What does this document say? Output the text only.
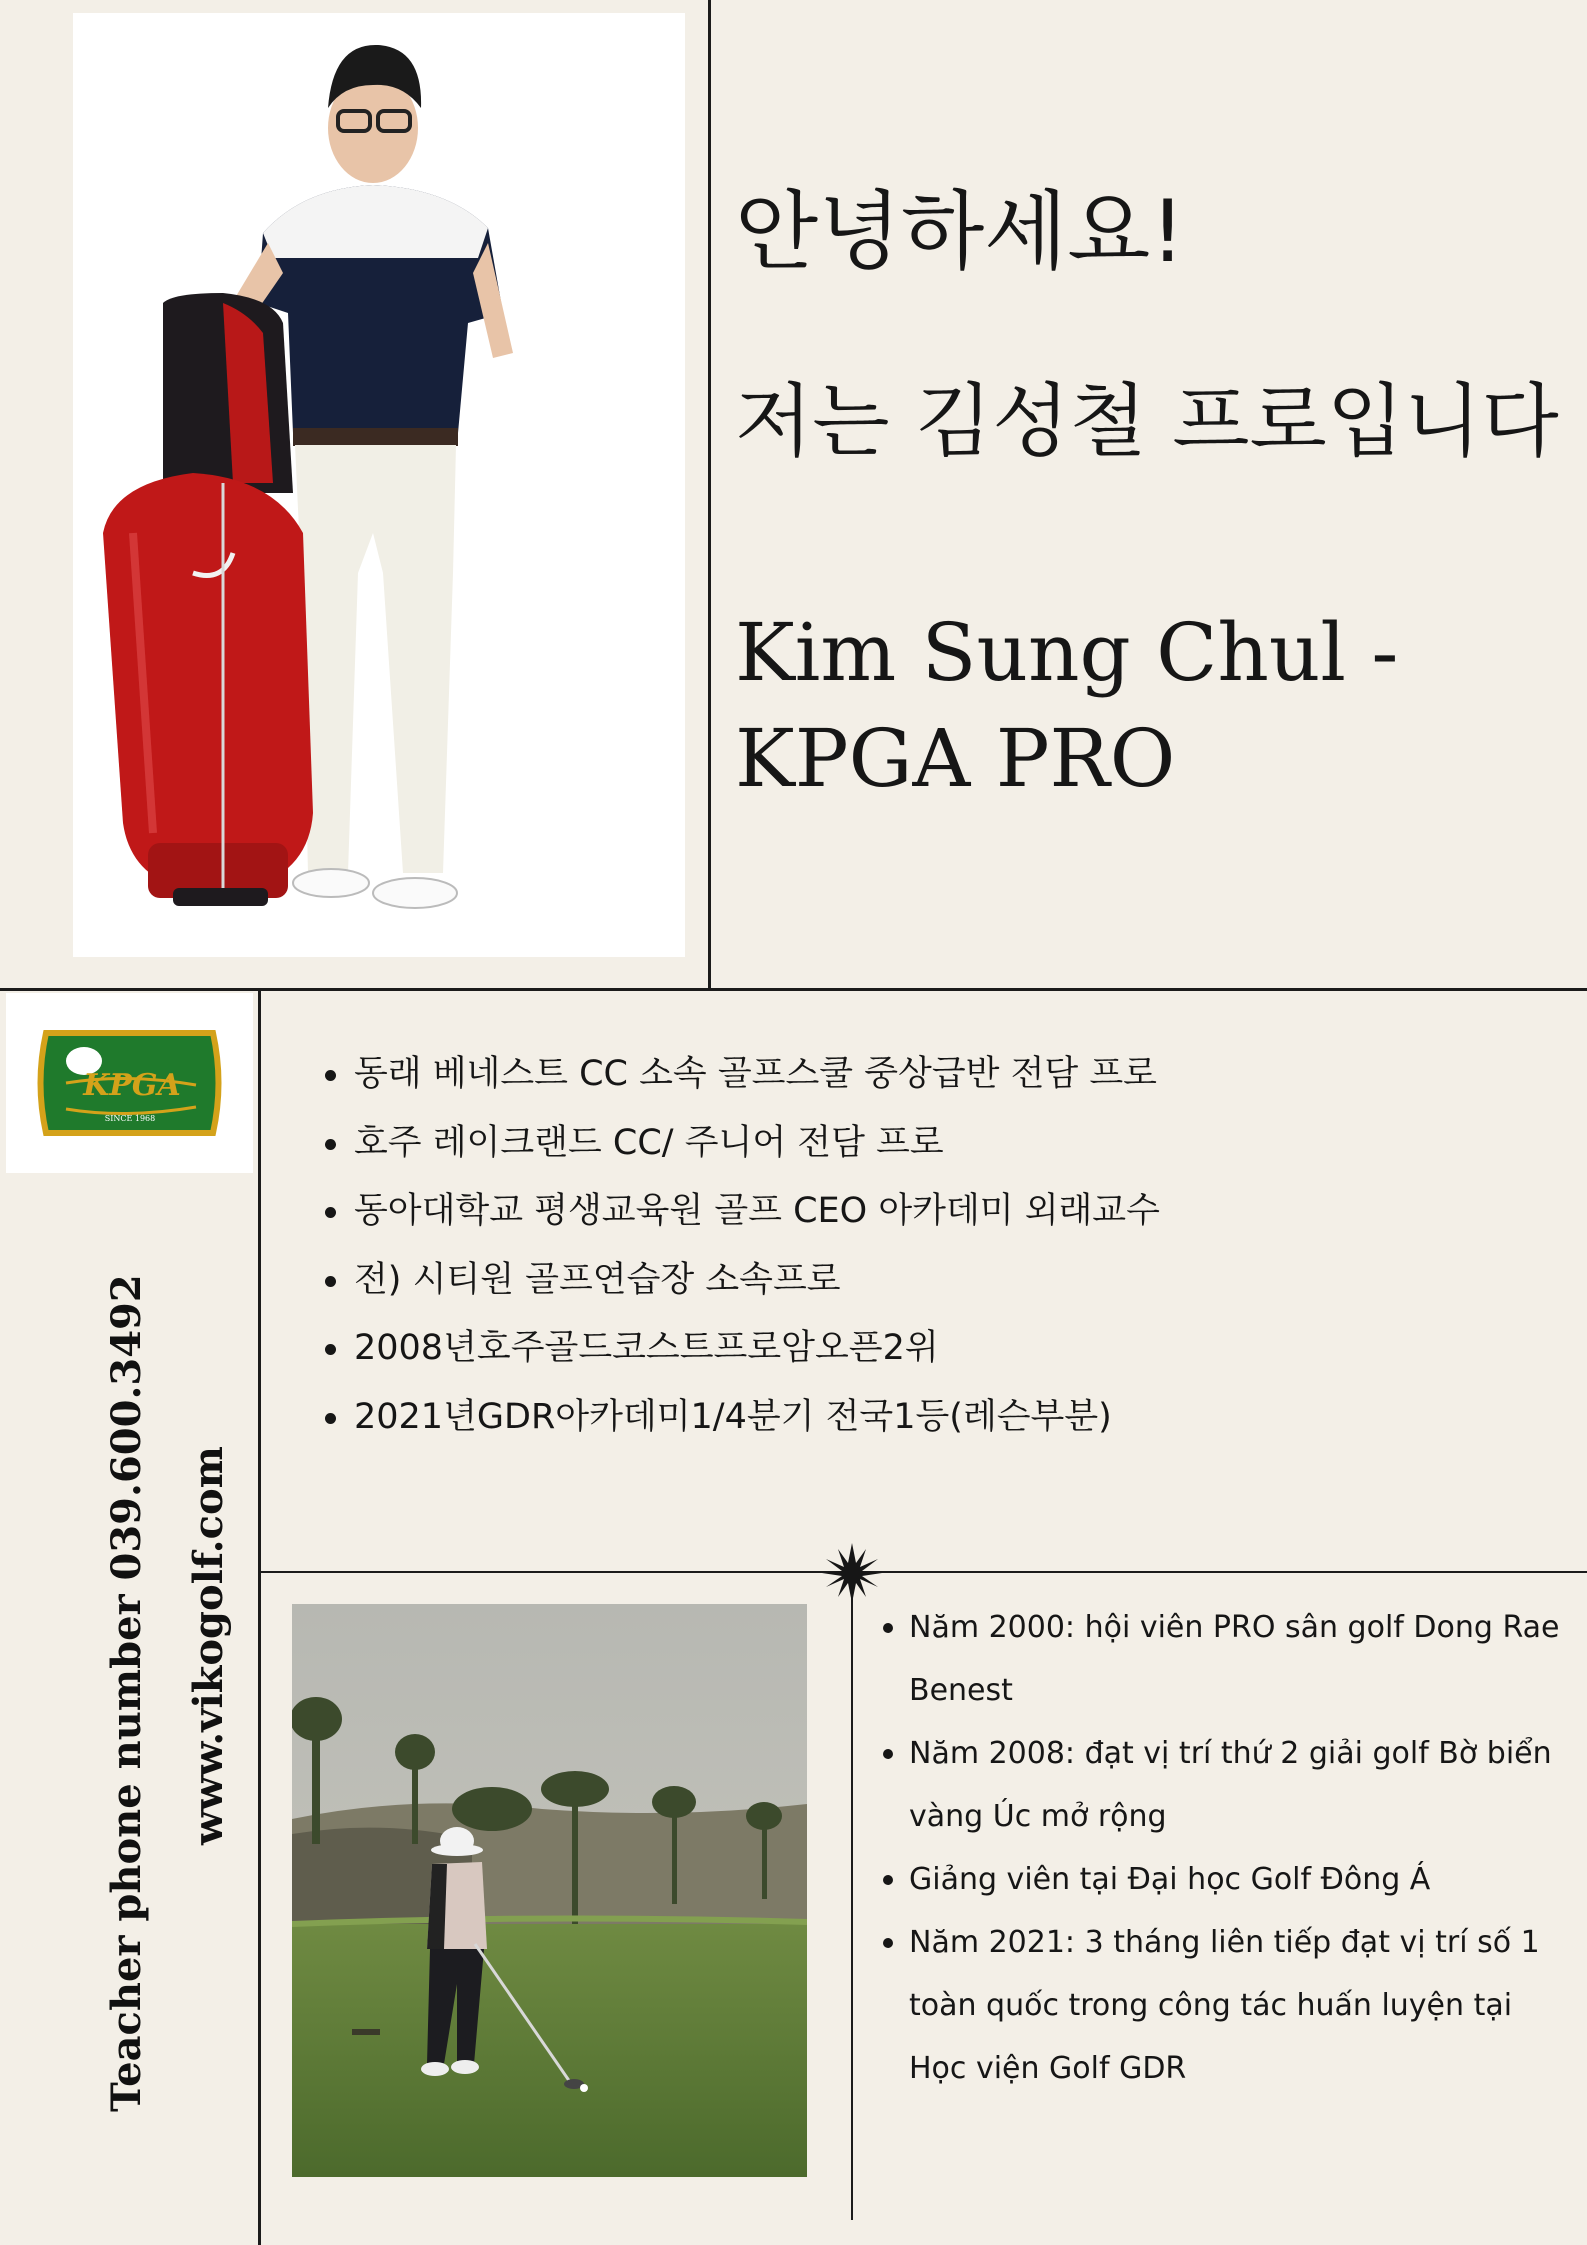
안녕하세요!
저는 김성철 프로입니다
Kim Sung Chul -
KPGA PRO
KPGA
SINCE 1968
Teacher phone number 039.600.3492 www.vikogolf.com
동래 베네스트 CC 소속 골프스쿨 중상급반 전담 프로
호주 레이크랜드 CC/ 주니어 전담 프로
동아대학교 평생교육원 골프 CEO 아카데미 외래교수
전) 시티원 골프연습장 소속프로
2008년호주골드코스트프로암오픈2위
2021년GDR아카데미1/4분기 전국1등(레슨부분)
Năm 2000: hội viên PRO sân golf Dong Rae Benest
Năm 2008: đạt vị trí thứ 2 giải golf Bờ biển vàng Úc mở rộng
Giảng viên tại Đại học Golf Đông Á
Năm 2021: 3 tháng liên tiếp đạt vị trí số 1 toàn quốc trong công tác huấn luyện tại Học viện Golf GDR
